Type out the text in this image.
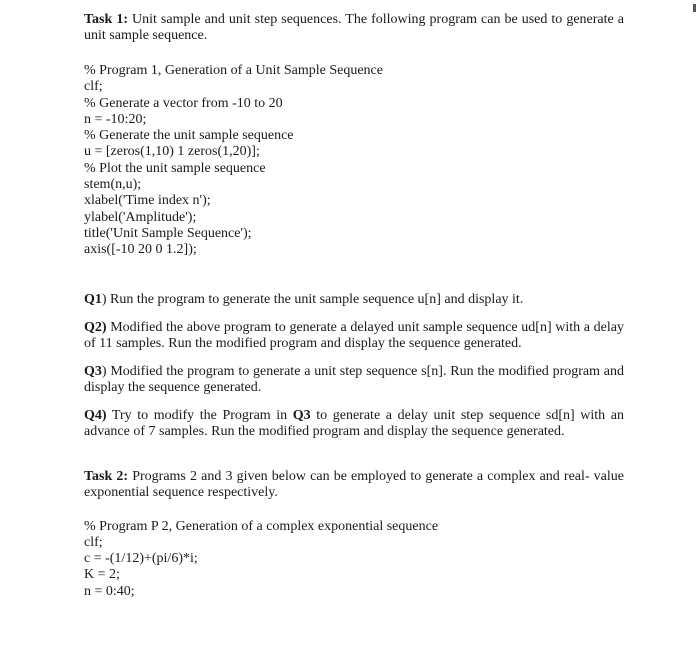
Task 1: Unit sample and unit step sequences. The following program can be used to generate a unit sample sequence.

% Program 1, Generation of a Unit Sample Sequence
clf;
% Generate a vector from -10 to 20
n = -10:20;
% Generate the unit sample sequence
u = [zeros(1,10) 1 zeros(1,20)];
% Plot the unit sample sequence
stem(n,u);
xlabel('Time index n');
ylabel('Amplitude');
title('Unit Sample Sequence');
axis([-10 20 0 1.2]);

Q1) Run the program to generate the unit sample sequence u[n] and display it.

Q2) Modified the above program to generate a delayed unit sample sequence ud[n] with a delay of 11 samples. Run the modified program and display the sequence generated.

Q3) Modified the program to generate a unit step sequence s[n]. Run the modified program and display the sequence generated.

Q4) Try to modify the Program in Q3 to generate a delay unit step sequence sd[n] with an advance of 7 samples. Run the modified program and display the sequence generated.

Task 2: Programs 2 and 3 given below can be employed to generate a complex and real- value exponential sequence respectively.

% Program P 2, Generation of a complex exponential sequence
clf;
c = -(1/12)+(pi/6)*i;
K = 2;
n = 0:40;
